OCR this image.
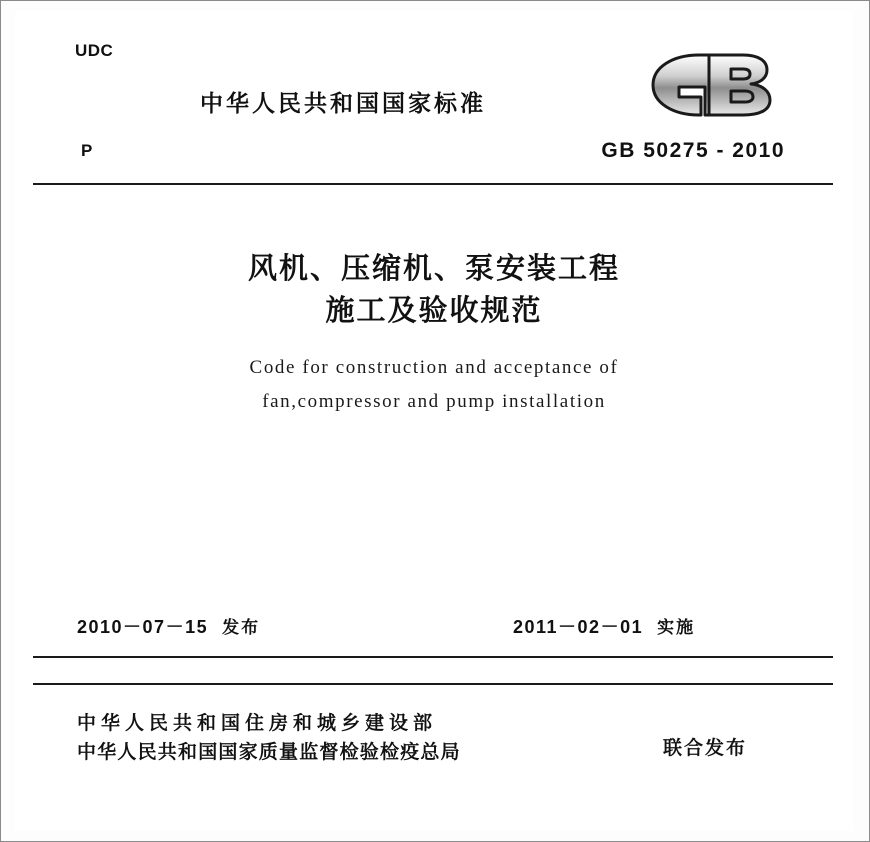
UDC
P
中华人民共和国国家标准
GB 50275 - 2010
风机、压缩机、泵安装工程
施工及验收规范
Code for construction and acceptance of
fan,compressor and pump installation
2010－07－15 发布	2011－02－01 实施
中华人民共和国住房和城乡建设部
中华人民共和国国家质量监督检验检疫总局	联合发布
